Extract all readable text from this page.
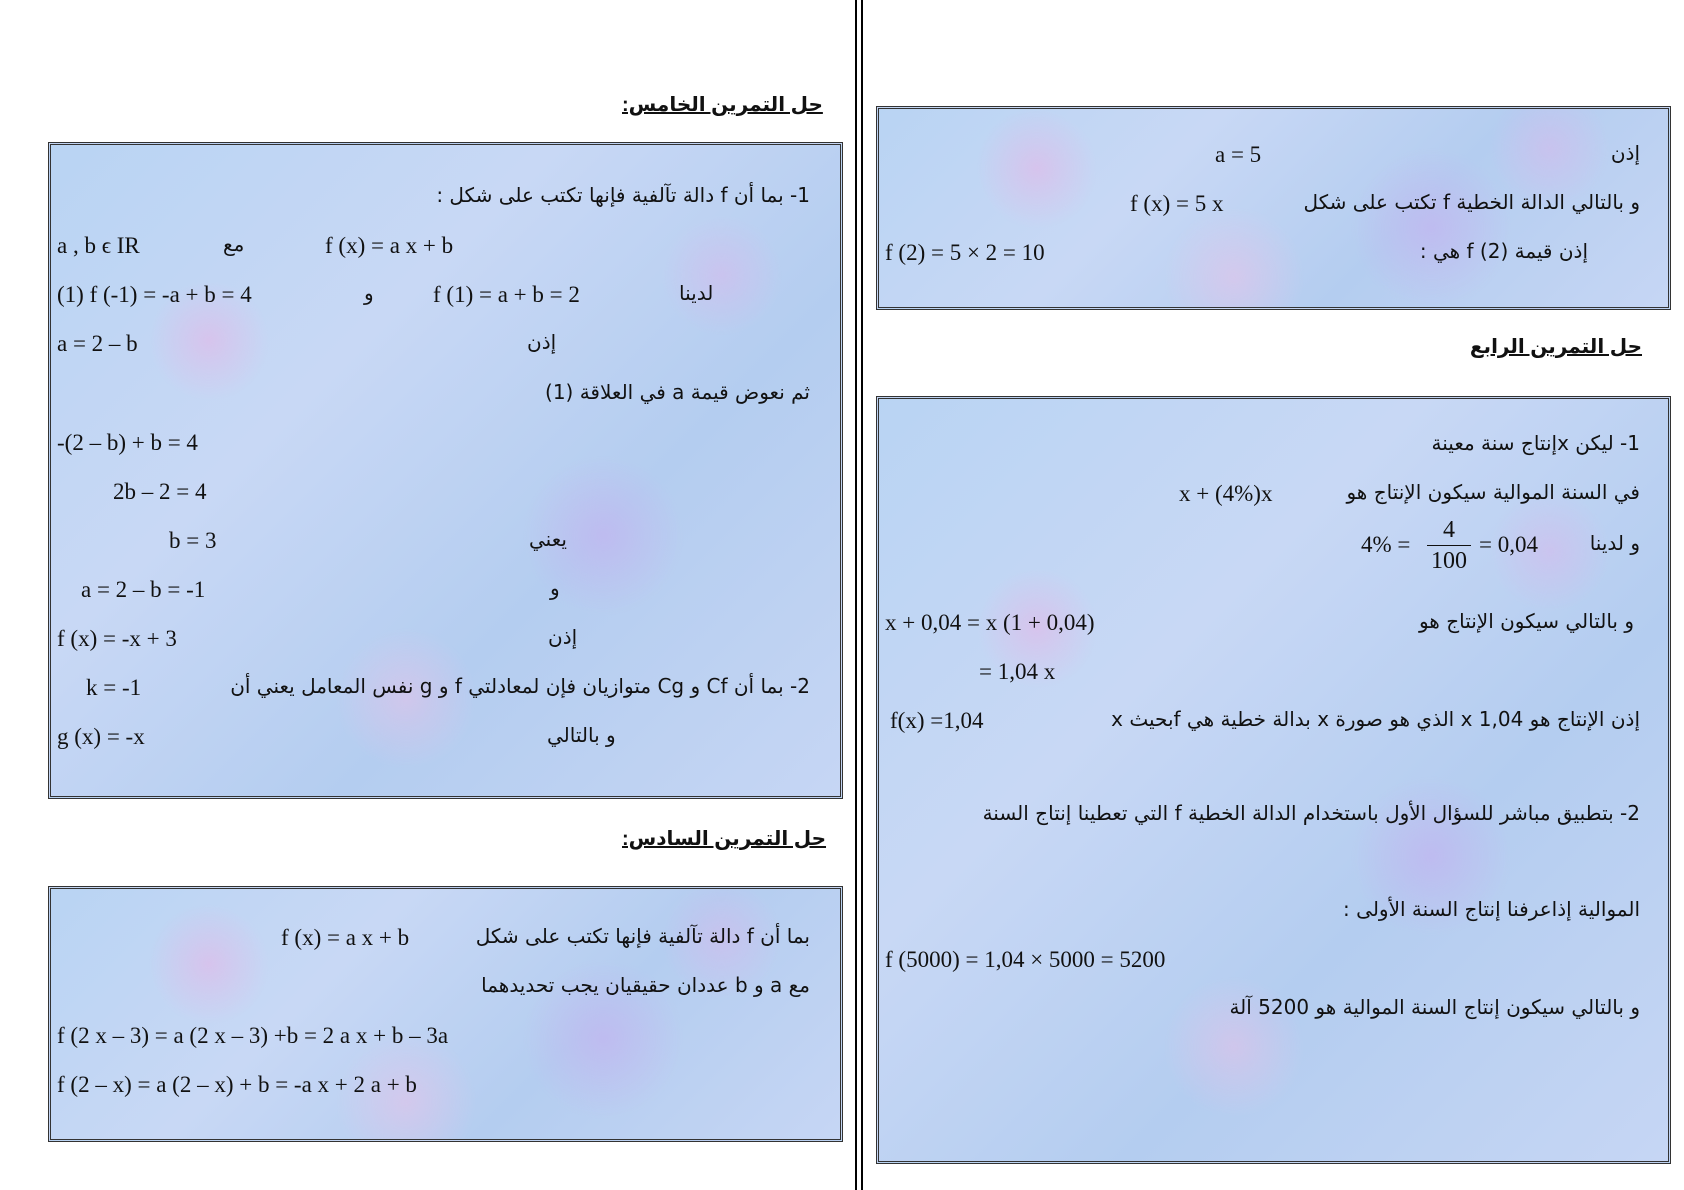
إذن
a = 5
و بالتالي الدالة الخطية f تكتب على شكل
f (x) = 5 x
إذن قيمة f (2) هي :
f (2) = 5 × 2 = 10
حل التمرين الرابع
1- ليكن xإنتاج سنة معينة
في السنة الموالية سيكون الإنتاج هو
x + (4%)x
و لدينا
4% =
4
100
= 0,04
و بالتالي سيكون الإنتاج هو
x + 0,04 = x (1 + 0,04)
= 1,04 x
إذن الإنتاج هو 1,04 x الذي هو صورة x بدالة خطية هي fبحيث x
f(x) =1,04
2- بتطبيق مباشر للسؤال الأول باستخدام الدالة الخطية f التي تعطينا إنتاج السنة
الموالية إذاعرفنا إنتاج السنة الأولى :
f (5000) = 1,04 × 5000 = 5200
و بالتالي سيكون إنتاج السنة الموالية هو 5200 آلة
حل التمرين الخامس:
1- بما أن f دالة تآلفية فإنها تكتب على شكل :
a , b ϵ IR	مع	f (x) = a x + b
(1) f (-1) = -a + b = 4	و	f (1) = a + b = 2	لدينا
a = 2 – b	إذن
ثم نعوض قيمة a في العلاقة (1)
-(2 – b) + b = 4
2b – 2 = 4
b = 3	يعني
a = 2 – b = -1	و
f (x) = -x + 3	إذن
2- بما أن Cf و Cg متوازيان فإن لمعادلتي f و g نفس المعامل يعني أن
k = -1
g (x) = -x	و بالتالي
حل التمرين السادس:
بما أن f دالة تآلفية فإنها تكتب على شكل
f (x) = a x + b
مع a و b عددان حقيقيان يجب تحديدهما
f (2 x – 3) = a (2 x – 3) +b = 2 a x + b – 3a
f (2 – x) = a (2 – x) + b = -a x + 2 a + b
